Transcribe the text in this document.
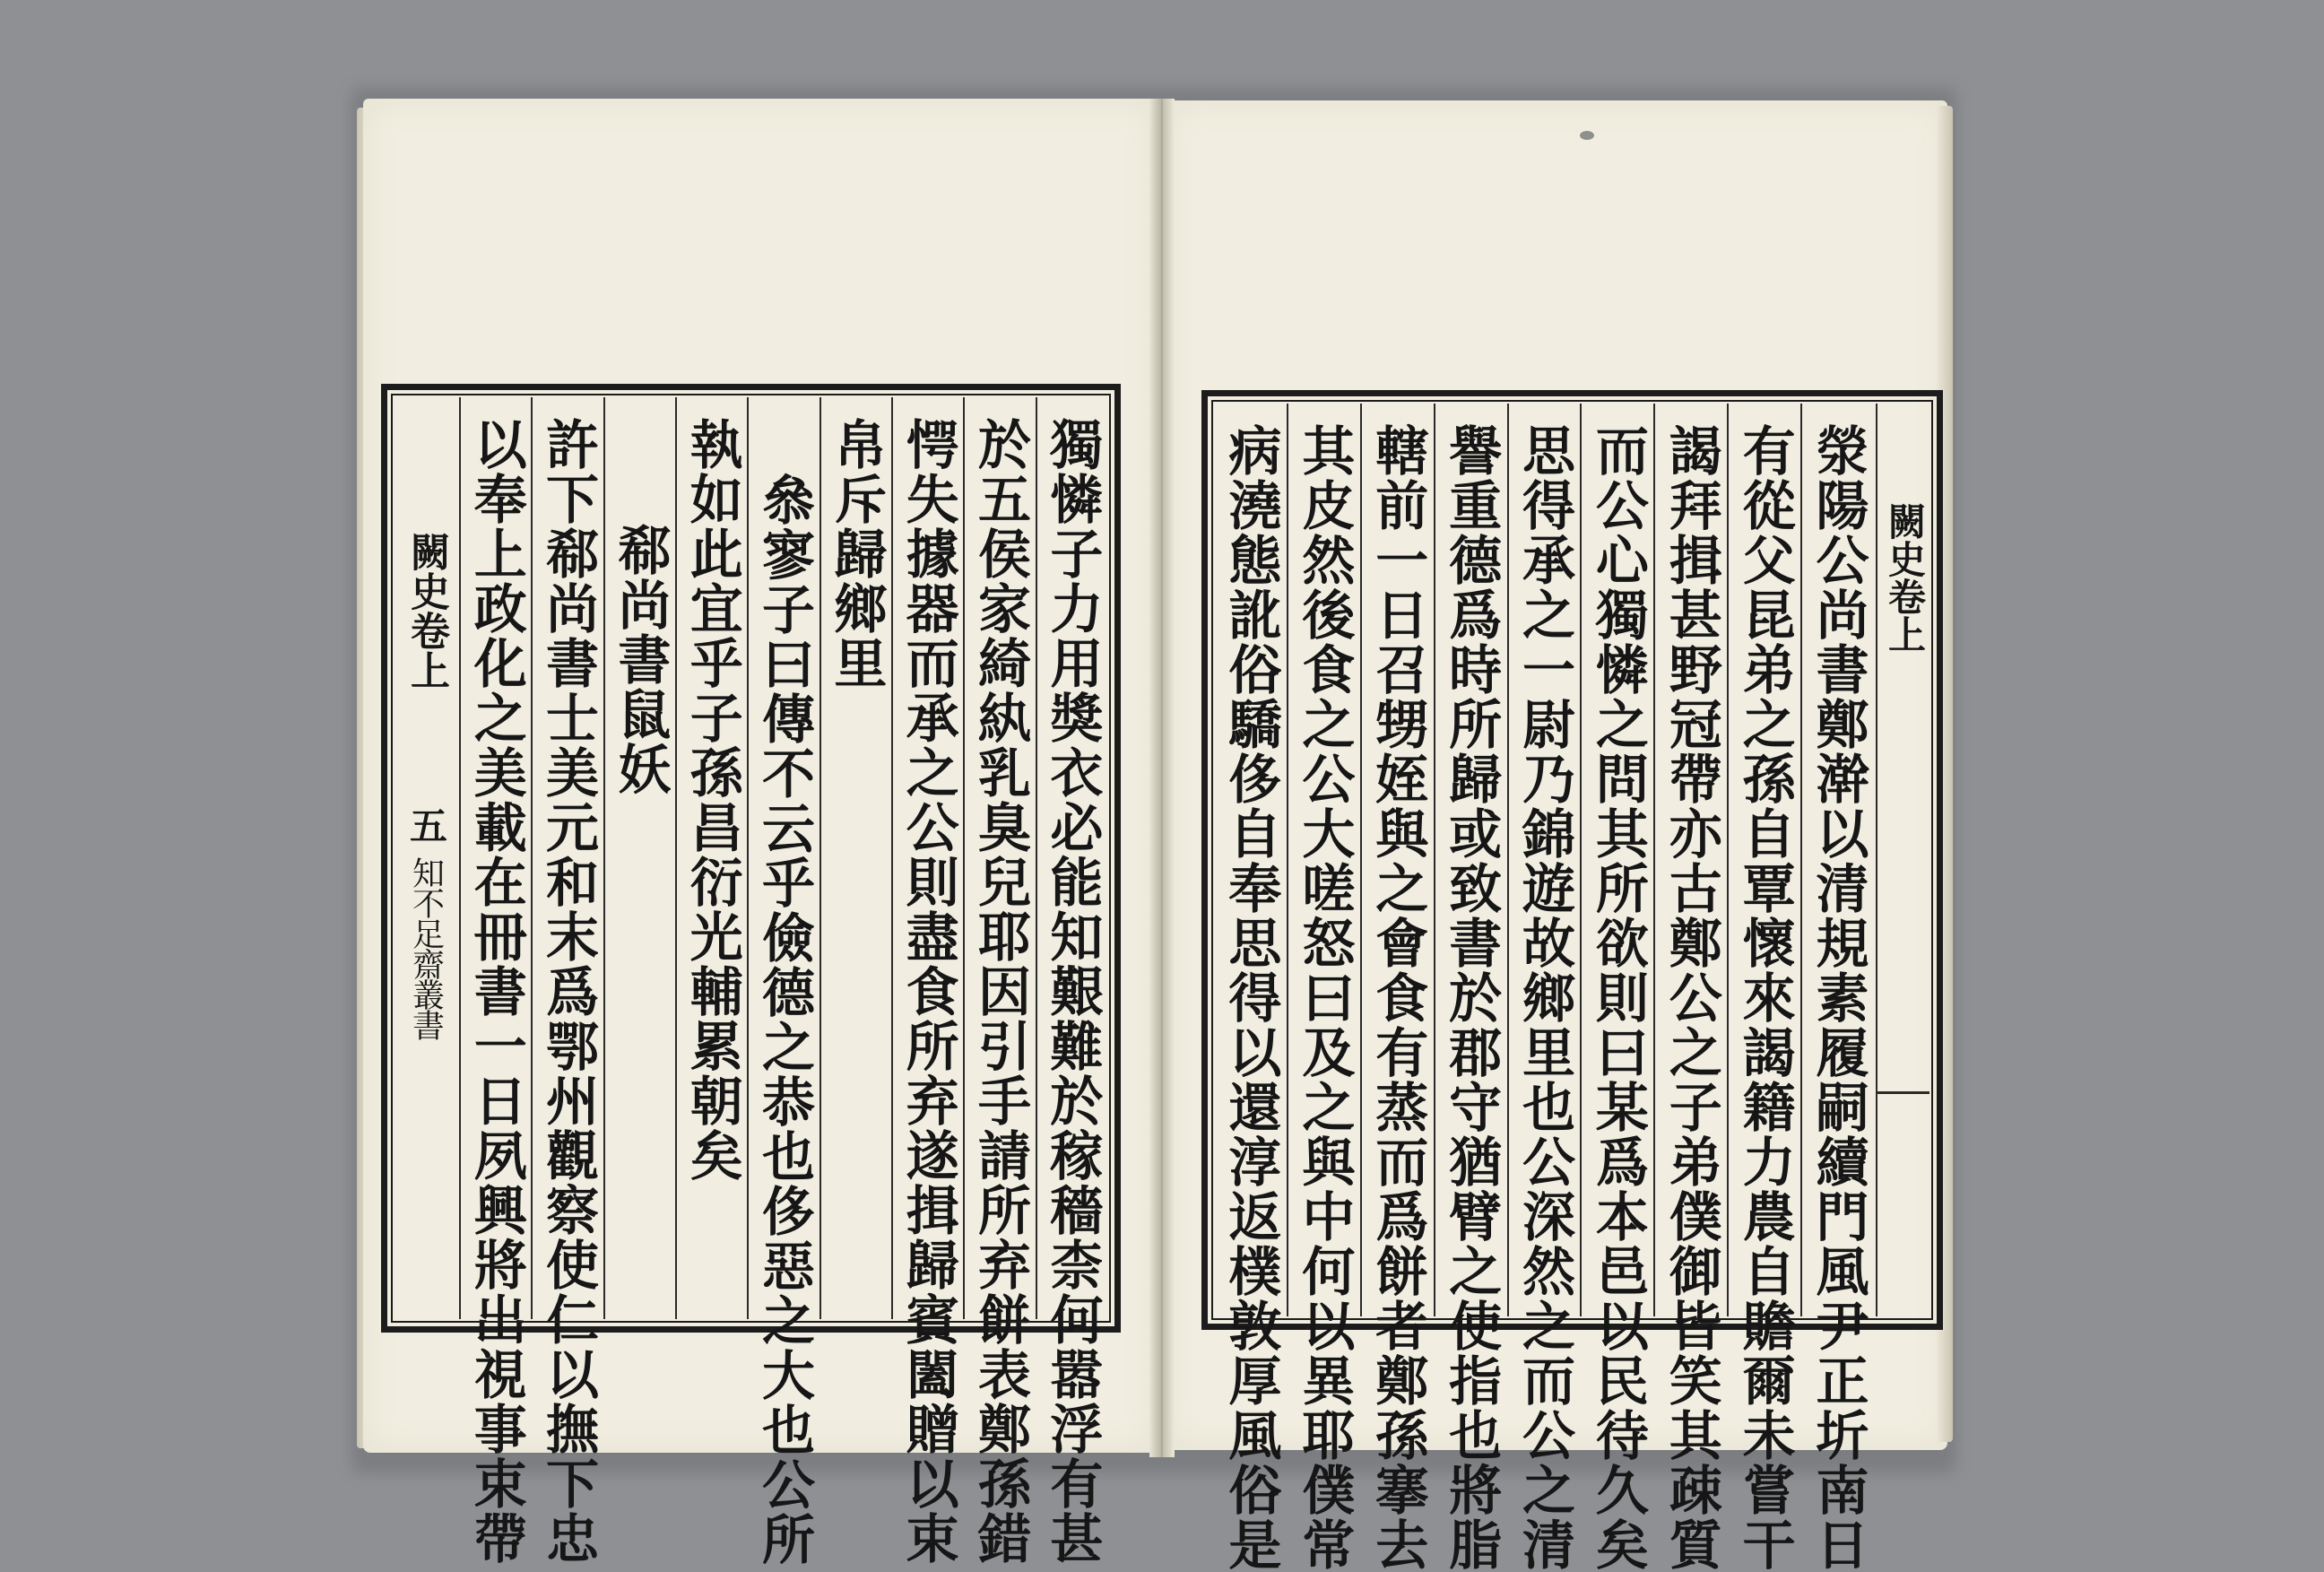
闕史卷上
五
知不足齋叢書	獨憐子力用獎衣必能知艱難於稼穡柰何嚣浮有甚
於五侯家綺紈乳臭兒耶因引手請所弃餅表鄭孫錯
愕失據器而承之公則盡食所弃遂揖歸賓闔贈以束
帛斥歸鄉里
叅寥子曰傳不云乎儉德之恭也侈惡之大也公所
執如此宜乎子孫昌衍光輔累朝矣
郗尚書鼠妖
許下郗尚書士美元和末爲鄂州觀察使仁以撫下忠
以奉上政化之美載在冊書一日夙興將出視事束帶	闕史卷上
滎陽公尚書鄭澣以清規素履嗣續門風尹正圻南日
有從父昆弟之孫自覃懷來謁籍力農自贍爾未嘗干
謁拜揖甚野冠帶亦古鄭公之子弟僕御皆笑其疎質
而公心獨憐之問其所欲則曰某爲本邑以民待久矣
思得承之一尉乃錦遊故鄉里也公深然之而公之清
譽重德爲時所歸或致書於郡守猶臂之使指也將脂
轄前一日召甥姪與之會食有蒸而爲餅者鄭孫搴去
其皮然後食之公大嗟怒曰及之與中何以異耶僕常
病澆態訛俗驕侈自奉思得以還淳返樸敦厚風俗是
